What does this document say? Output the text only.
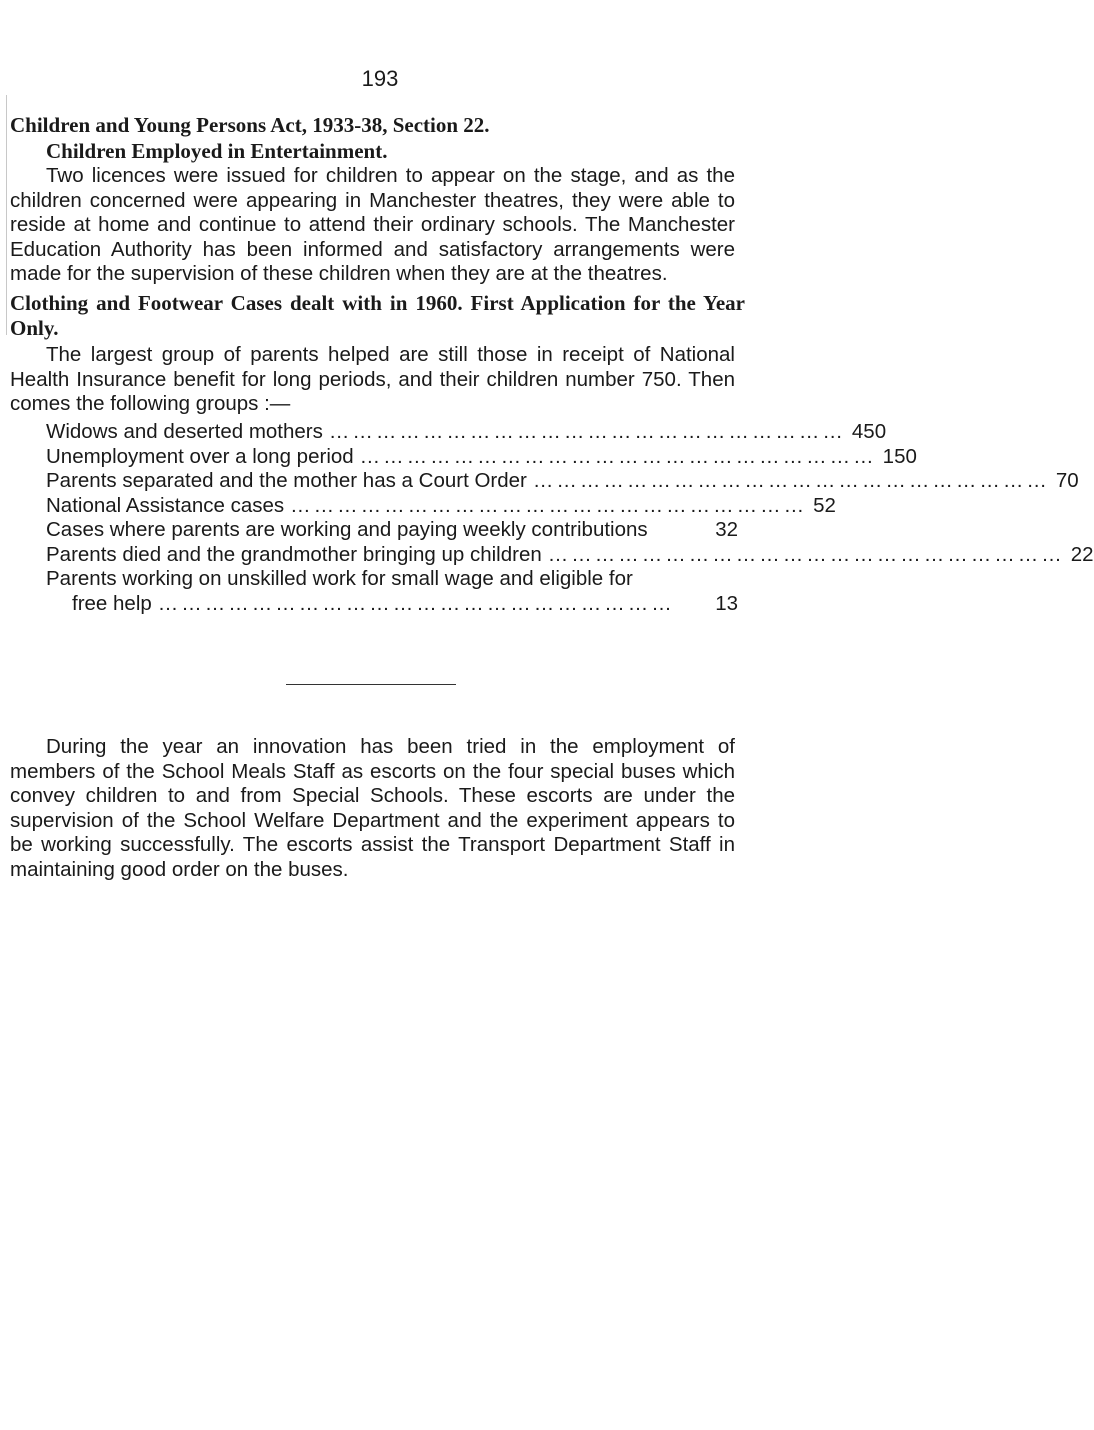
193
Children and Young Persons Act, 1933-38, Section 22.
Children Employed in Entertainment.

Two licences were issued for children to appear on the stage, and as the children concerned were appearing in Manchester theatres, they were able to reside at home and continue to attend their ordinary schools. The Manchester Education Authority has been informed and satisfactory arrangements were made for the supervision of these children when they are at the theatres.

Clothing and Footwear Cases dealt with in 1960. First Application for the Year Only.

The largest group of parents helped are still those in receipt of National Health Insurance benefit for long periods, and their children number 750. Then comes the following groups :—

Widows and deserted mothers ………………………………………………………… 450
Unemployment over a long period ………………………………………………………… 150
Parents separated and the mother has a Court Order ………………………………………………………… 70
National Assistance cases ………………………………………………………… 52
Cases where parents are working and paying weekly contributions	32
Parents died and the grandmother bringing up children ………………………………………………………… 22
Parents working on unskilled work for small wage and eligible for
free help …………………………………………………………	13

During the year an innovation has been tried in the employment of members of the School Meals Staff as escorts on the four special buses which convey children to and from Special Schools. These escorts are under the supervision of the School Welfare Department and the experiment appears to be working successfully. The escorts assist the Transport Department Staff in maintaining good order on the buses.
